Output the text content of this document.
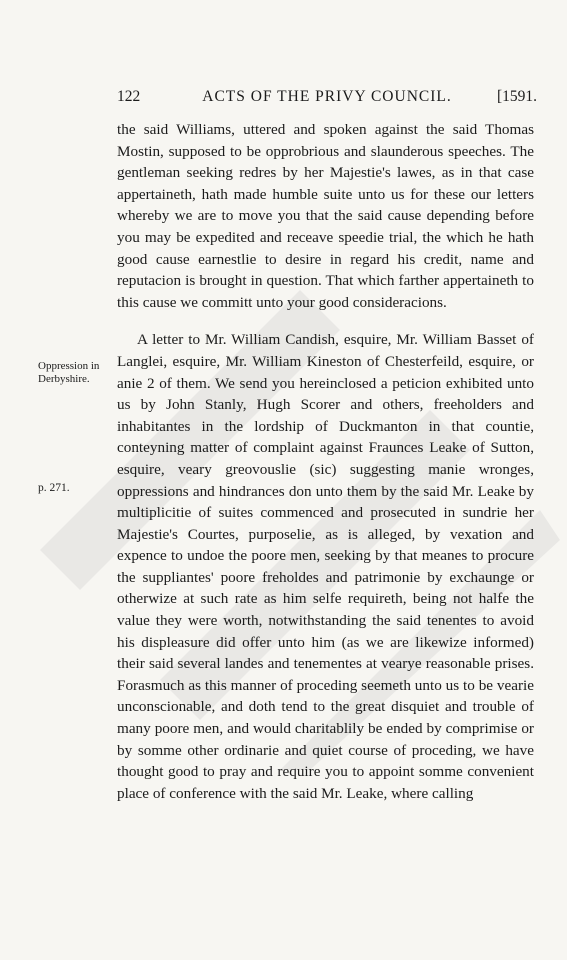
122	ACTS OF THE PRIVY COUNCIL.	[1591.
Oppression in Derbyshire.
p. 271.

the said Williams, uttered and spoken against the said Thomas Mostin, supposed to be opprobrious and slaunderous speeches. The gentleman seeking redres by her Majestie's lawes, as in that case appertaineth, hath made humble suite unto us for these our letters whereby we are to move you that the said cause depending before you may be expedited and receave speedie trial, the which he hath good cause earnestlie to desire in regard his credit, name and reputacion is brought in question. That which farther appertaineth to this cause we committ unto your good consideracions.

A letter to Mr. William Candish, esquire, Mr. William Basset of Langlei, esquire, Mr. William Kineston of Chesterfeild, esquire, or anie 2 of them. We send you hereinclosed a peticion exhibited unto us by John Stanly, Hugh Scorer and others, freeholders and inhabitantes in the lordship of Duckmanton in that countie, conteyning matter of complaint against Fraunces Leake of Sutton, esquire, veary greovouslie (sic) suggesting manie wronges, oppressions and hindrances don unto them by the said Mr. Leake by multiplicitie of suites commenced and prosecuted in sundrie her Majestie's Courtes, purposelie, as is alleged, by vexation and expence to undoe the poore men, seeking by that meanes to procure the suppliantes' poore freholdes and patrimonie by exchaunge or otherwize at such rate as him selfe requireth, being not halfe the value they were worth, notwithstanding the said tenentes to avoid his displeasure did offer unto him (as we are likewize informed) their said several landes and tenementes at vearye reasonable prises. Forasmuch as this manner of proceding seemeth unto us to be vearie unconscionable, and doth tend to the great disquiet and trouble of many poore men, and would charitablily be ended by comprimise or by somme other ordinarie and quiet course of proceding, we have thought good to pray and require you to appoint somme convenient place of conference with the said Mr. Leake, where calling
